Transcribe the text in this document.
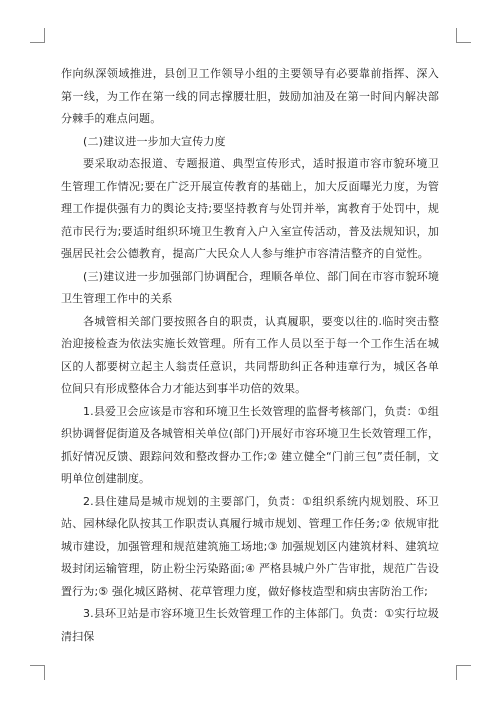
作向纵深领域推进，县创卫工作领导小组的主要领导有必要靠前指挥、深入第一线，为工作在第一线的同志撑腰壮胆，鼓励加油及在第一时间内解决部分棘手的难点问题。

(二)建议进一步加大宣传力度

要采取动态报道、专题报道、典型宣传形式，适时报道市容市貌环境卫生管理工作情况;要在广泛开展宣传教育的基础上，加大反面曝光力度，为管理工作提供强有力的舆论支持;要坚持教育与处罚并举，寓教育于处罚中，规范市民行为;要适时组织环境卫生教育入户入室宣传活动，普及法规知识，加强居民社会公德教育，提高广大民众人人参与维护市容清洁整齐的自觉性。

(三)建议进一步加强部门协调配合，理顺各单位、部门间在市容市貌环境卫生管理工作中的关系

各城管相关部门要按照各自的职责，认真履职，要变以往的.临时突击整治迎接检查为依法实施长效管理。所有工作人员以至于每一个工作生活在城区的人都要树立起主人翁责任意识，共同帮助纠正各种违章行为，城区各单位间只有形成整体合力才能达到事半功倍的效果。

1.县爱卫会应该是市容和环境卫生长效管理的监督考核部门，负责：①组织协调督促街道及各城管相关单位(部门)开展好市容环境卫生长效管理工作，抓好情况反馈、跟踪问效和整改督办工作;② 建立健全“门前三包”责任制，文明单位创建制度。

2.县住建局是城市规划的主要部门，负责：①组织系统内规划股、环卫站、园林绿化队按其工作职责认真履行城市规划、管理工作任务;② 依规审批城市建设，加强管理和规范建筑施工场地;③ 加强规划区内建筑材料、建筑垃圾封闭运输管理，防止粉尘污染路面;④ 严格县城户外广告审批，规范广告设置行为;⑤ 强化城区路树、花草管理力度，做好修枝造型和病虫害防治工作;

3.县环卫站是市容环境卫生长效管理工作的主体部门。负责：①实行垃圾清扫保
